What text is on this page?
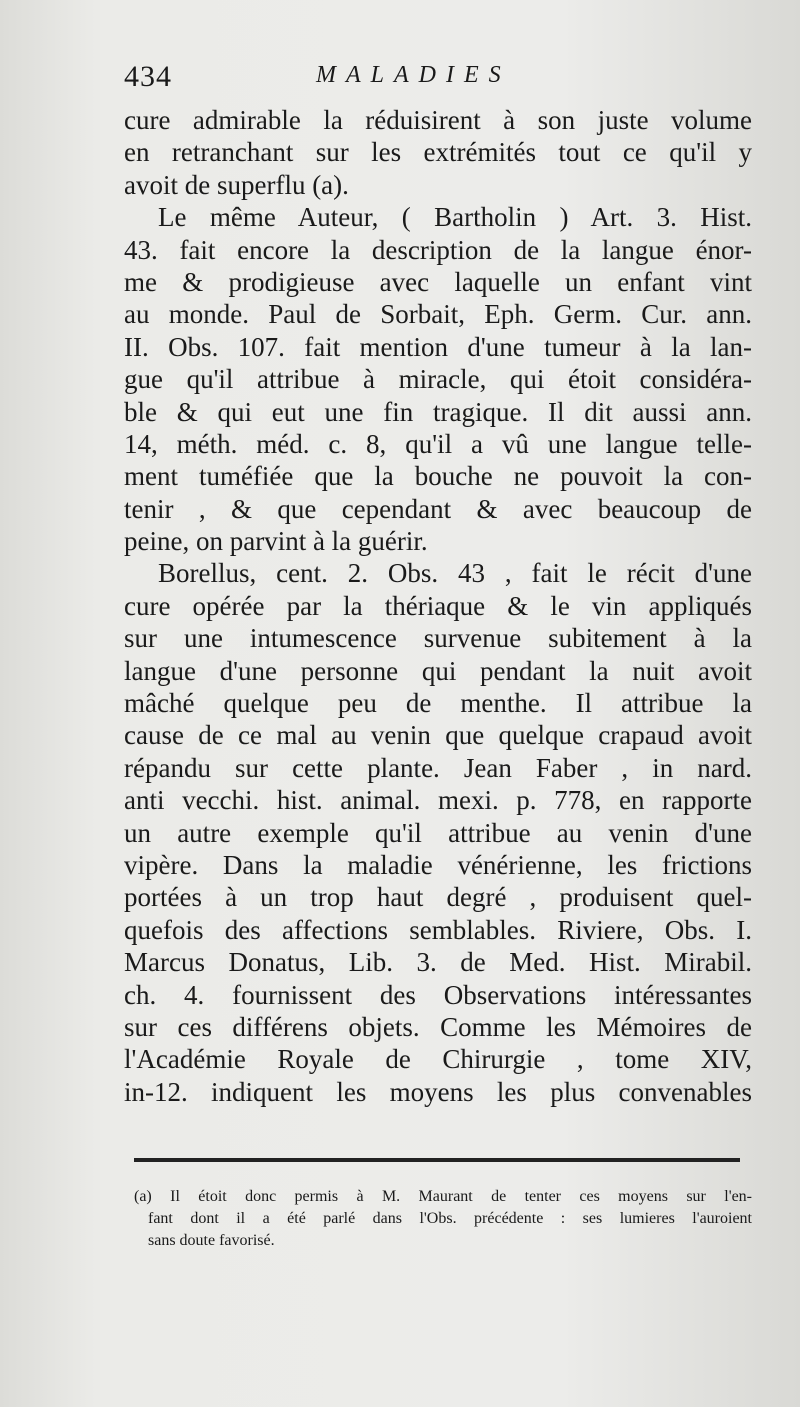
434	MALADIES
cure admirable la réduisirent à son juste volume
en retranchant sur les extrémités tout ce qu'il y
avoit de superflu (a).
Le même Auteur, ( Bartholin ) Art. 3. Hist.
43. fait encore la description de la langue énor-
me & prodigieuse avec laquelle un enfant vint
au monde. Paul de Sorbait, Eph. Germ. Cur. ann.
II. Obs. 107. fait mention d'une tumeur à la lan-
gue qu'il attribue à miracle, qui étoit considéra-
ble & qui eut une fin tragique. Il dit aussi ann.
14, méth. méd. c. 8, qu'il a vû une langue telle-
ment tuméfiée que la bouche ne pouvoit la con-
tenir , & que cependant & avec beaucoup de
peine, on parvint à la guérir.
Borellus, cent. 2. Obs. 43 , fait le récit d'une
cure opérée par la thériaque & le vin appliqués
sur une intumescence survenue subitement à la
langue d'une personne qui pendant la nuit avoit
mâché quelque peu de menthe. Il attribue la
cause de ce mal au venin que quelque crapaud avoit
répandu sur cette plante. Jean Faber , in nard.
anti vecchi. hist. animal. mexi. p. 778, en rapporte
un autre exemple qu'il attribue au venin d'une
vipère. Dans la maladie vénérienne, les frictions
portées à un trop haut degré , produisent quel-
quefois des affections semblables. Riviere, Obs. I.
Marcus Donatus, Lib. 3. de Med. Hist. Mirabil.
ch. 4. fournissent des Observations intéressantes
sur ces différens objets. Comme les Mémoires de
l'Académie Royale de Chirurgie , tome XIV,
in-12. indiquent les moyens les plus convenables
(a) Il étoit donc permis à M. Maurant de tenter ces moyens sur l'en-
fant dont il a été parlé dans l'Obs. précédente : ses lumieres l'auroient
sans doute favorisé.
